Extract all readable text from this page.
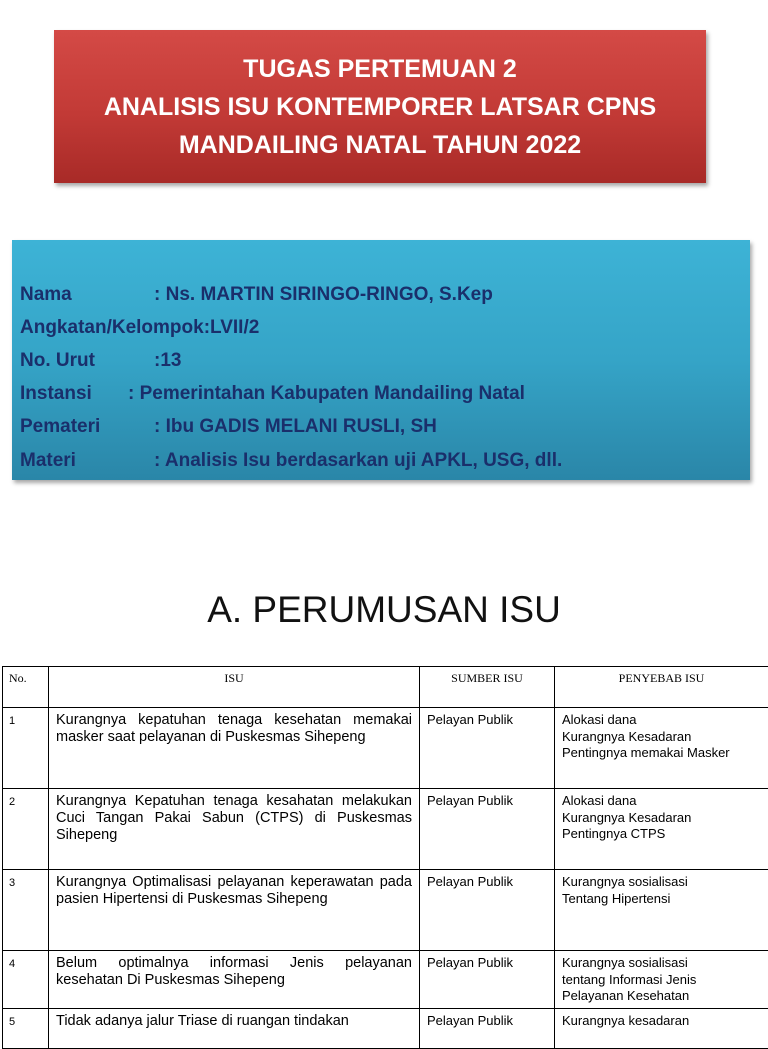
TUGAS PERTEMUAN 2
ANALISIS ISU KONTEMPORER LATSAR CPNS
MANDAILING NATAL TAHUN 2022
Nama	: Ns. MARTIN SIRINGO-RINGO, S.Kep
Angkatan/Kelompok:LVII/2
No. Urut	:13
Instansi : Pemerintahan Kabupaten Mandailing Natal
Pemateri	: Ibu GADIS MELANI RUSLI, SH
Materi	: Analisis Isu berdasarkan uji APKL, USG, dll.
A. PERUMUSAN ISU
No.	ISU	SUMBER ISU	PENYEBAB ISU
1	Kurangnya kepatuhan tenaga kesehatan memakai masker saat pelayanan di Puskesmas Sihepeng	Pelayan Publik	Alokasi dana
Kurangnya Kesadaran
Pentingnya memakai Masker

2	Kurangnya Kepatuhan tenaga kesahatan melakukan Cuci Tangan Pakai Sabun (CTPS) di Puskesmas Sihepeng	Pelayan Publik	Alokasi dana
Kurangnya Kesadaran
Pentingnya CTPS

3	Kurangnya Optimalisasi pelayanan keperawatan pada pasien Hipertensi di Puskesmas Sihepeng	Pelayan Publik	Kurangnya sosialisasi
Tentang Hipertensi

4	Belum optimalnya informasi Jenis pelayanan kesehatan Di Puskesmas Sihepeng	Pelayan Publik	Kurangnya sosialisasi
tentang Informasi Jenis
Pelayanan Kesehatan

5	Tidak adanya jalur Triase di ruangan tindakan	Pelayan Publik	Kurangnya kesadaran
